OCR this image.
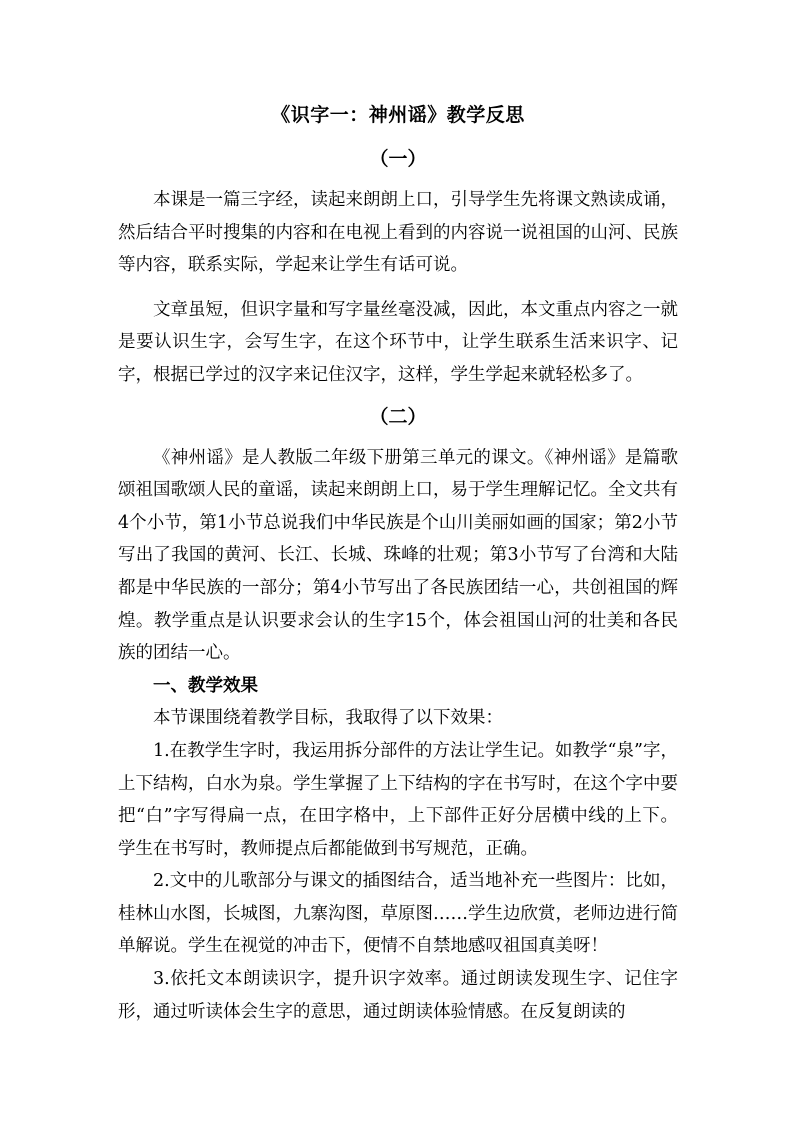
《识字一：神州谣》教学反思
（一）

本课是一篇三字经，读起来朗朗上口，引导学生先将课文熟读成诵，然后结合平时搜集的内容和在电视上看到的内容说一说祖国的山河、民族等内容，联系实际，学起来让学生有话可说。

文章虽短，但识字量和写字量丝毫没减，因此，本文重点内容之一就是要认识生字，会写生字，在这个环节中，让学生联系生活来识字、记字，根据已学过的汉字来记住汉字，这样，学生学起来就轻松多了。

（二）

《神州谣》是人教版二年级下册第三单元的课文。《神州谣》是篇歌颂祖国歌颂人民的童谣，读起来朗朗上口，易于学生理解记忆。全文共有4个小节，第1小节总说我们中华民族是个山川美丽如画的国家；第2小节写出了我国的黄河、长江、长城、珠峰的壮观；第3小节写了台湾和大陆都是中华民族的一部分；第4小节写出了各民族团结一心，共创祖国的辉煌。教学重点是认识要求会认的生字15个，体会祖国山河的壮美和各民族的团结一心。

一、教学效果

本节课围绕着教学目标，我取得了以下效果：

1.在教学生字时，我运用拆分部件的方法让学生记。如教学“泉”字，上下结构，白水为泉。学生掌握了上下结构的字在书写时，在这个字中要把“白”字写得扁一点，在田字格中，上下部件正好分居横中线的上下。学生在书写时，教师提点后都能做到书写规范，正确。

2.文中的儿歌部分与课文的插图结合，适当地补充一些图片：比如，桂林山水图，长城图，九寨沟图，草原图……学生边欣赏，老师边进行简单解说。学生在视觉的冲击下，便情不自禁地感叹祖国真美呀！

3.依托文本朗读识字，提升识字效率。通过朗读发现生字、记住字形，通过听读体会生字的意思，通过朗读体验情感。在反复朗读的
